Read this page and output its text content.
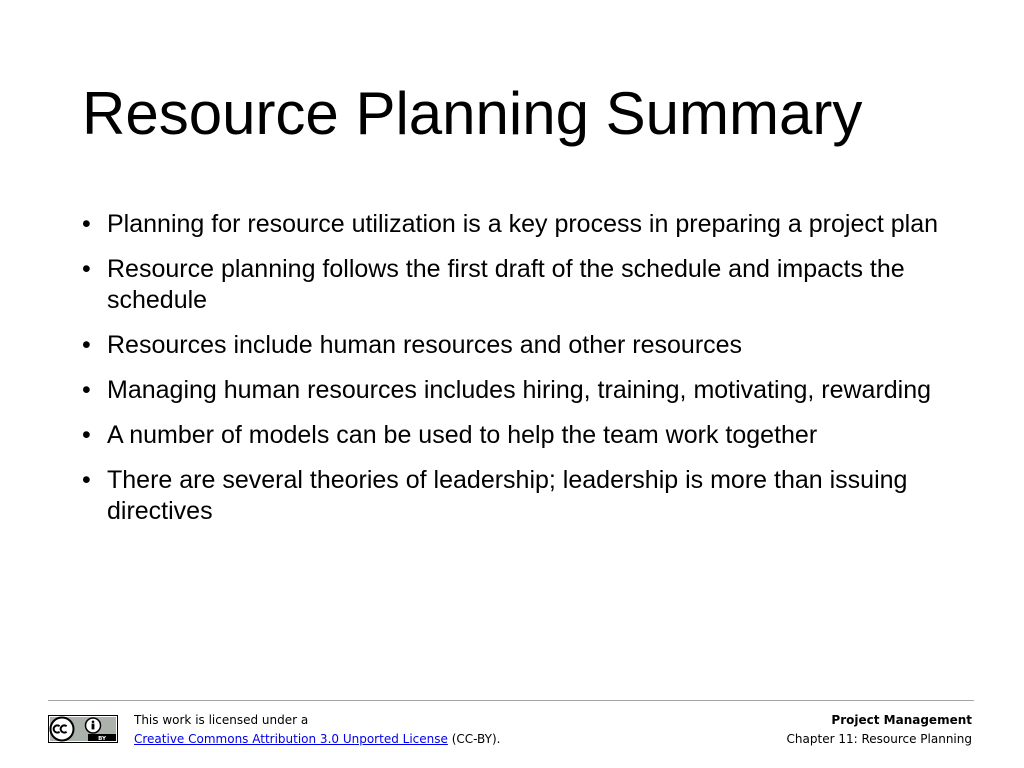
Resource Planning Summary
• Planning for resource utilization is a key process in preparing a project plan
• Resource planning follows the first draft of the schedule and impacts the schedule
• Resources include human resources and other resources
• Managing human resources includes hiring, training, motivating, rewarding
• A number of models can be used to help the team work together
• There are several theories of leadership; leadership is more than issuing directives
BY
This work is licensed under a
Creative Commons Attribution 3.0 Unported License (CC-BY).
Project Management
Chapter 11: Resource Planning
